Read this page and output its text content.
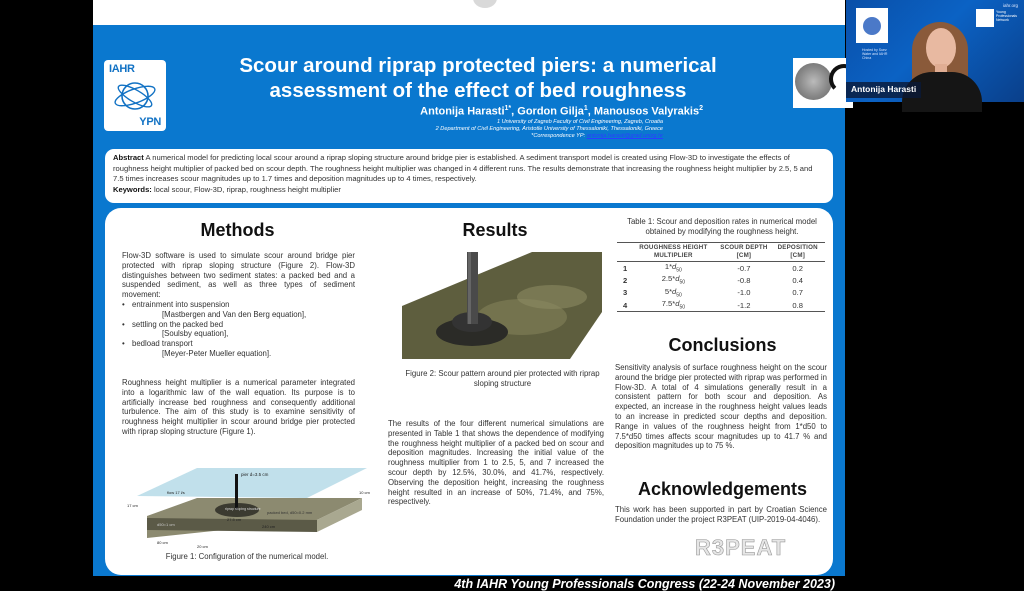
IAHR
YPN
Scour around riprap protected piers: a numerical
assessment of the effect of bed roughness
Antonija Harasti$^{1*}$, Gordon Gilja$^1$, Manousos Valyrakis$^2$
1 University of Zagreb Faculty of Civil Engineering, Zagreb, Croatia
2 Department of Civil Engineering, Aristotle University of Thessaloniki, Thessaloniki, Greece
*Correspondence YP: antonija.harasti@grad.unizg.hr
Abstract A numerical model for predicting local scour around a riprap sloping structure around bridge pier is established. A sediment transport model is created using Flow-3D to investigate the effects of roughness height multiplier of packed bed on scour depth. The roughness height multiplier was changed in 4 different runs. The results demonstrate that increasing the roughness height multiplier by 2.5, 5 and 7.5 times increases scour magnitudes up to 1.7 times and deposition magnitudes up to 4 times, respectively.
Keywords: local scour, Flow-3D, riprap, roughness height multiplier
Methods
Flow-3D software is used to simulate scour around bridge pier protected with riprap sloping structure (Figure 2). Flow-3D distinguishes between two sediment states: a packed bed and a suspended sediment, as well as three types of sediment movement:
• entrainment into suspension
[Mastbergen and Van den Berg equation],
• settling on the packed bed
[Soulsby equation],
• bedload transport
[Meyer-Peter Mueller equation].
Roughness height multiplier is a numerical parameter integrated into a logarithmic law of the wall equation. Its purpose is to artificially increase bed roughness and consequently additional turbulence. The aim of this study is to examine sensitivity of roughness height multiplier in scour around bridge pier protected with riprap sloping structure (Figure 1).
pier d=3.5 cm
flow 17 l/s
riprap sloping structure
packed bed, d50=0.2 mm
17 cm
10 cm
80 cm
240 cm
27.5 cm
20 cm
d50=1 cm
Figure 1: Configuration of the numerical model.
Results
Figure 2: Scour pattern around pier protected with riprap sloping structure
The results of the four different numerical simulations are presented in Table 1 that shows the dependence of modifying the roughness height multiplier of a packed bed on scour and deposition magnitudes. Increasing the initial value of the roughness multiplier from 1 to 2.5, 5, and 7 increased the scour depth by 12.5%, 30.0%, and 41.7%, respectively. Observing the deposition height, increasing the roughness height resulted in an increase of 50%, 71.4%, and 75%, respectively.
Table 1: Scour and deposition rates in numerical model obtained by modifying the roughness height.
	ROUGHNESS HEIGHT MULTIPLIER	SCOUR DEPTH [CM]	DEPOSITION [CM]
1	$1*d_{50}$	-0.7	0.2
2	$2.5*d_{50}$	-0.8	0.4
3	$5*d_{50}$	-1.0	0.7
4	$7.5*d_{50}$	-1.2	0.8
Conclusions
Sensitivity analysis of surface roughness height on the scour around the bridge pier protected with riprap was performed in Flow-3D. A total of 4 simulations generally result in a consistent pattern for both scour and deposition. As expected, an increase in the roughness height values leads to an increase in predicted scour depths and deposition. Range in values of the roughness height from 1*d50 to 7.5*d50 times affects scour magnitudes up to 41.7 % and deposition magnitudes up to 75 %.
Acknowledgements
This work has been supported in part by Croatian Science Foundation under the project R3PEAT (UIP-2019-04-4046).
R3PEAT
4th IAHR Young Professionals Congress (22-24 November 2023)
iahr.org
Hosted by Suez Water and IAHR China
Young Professionals Network
Antonija Harasti
